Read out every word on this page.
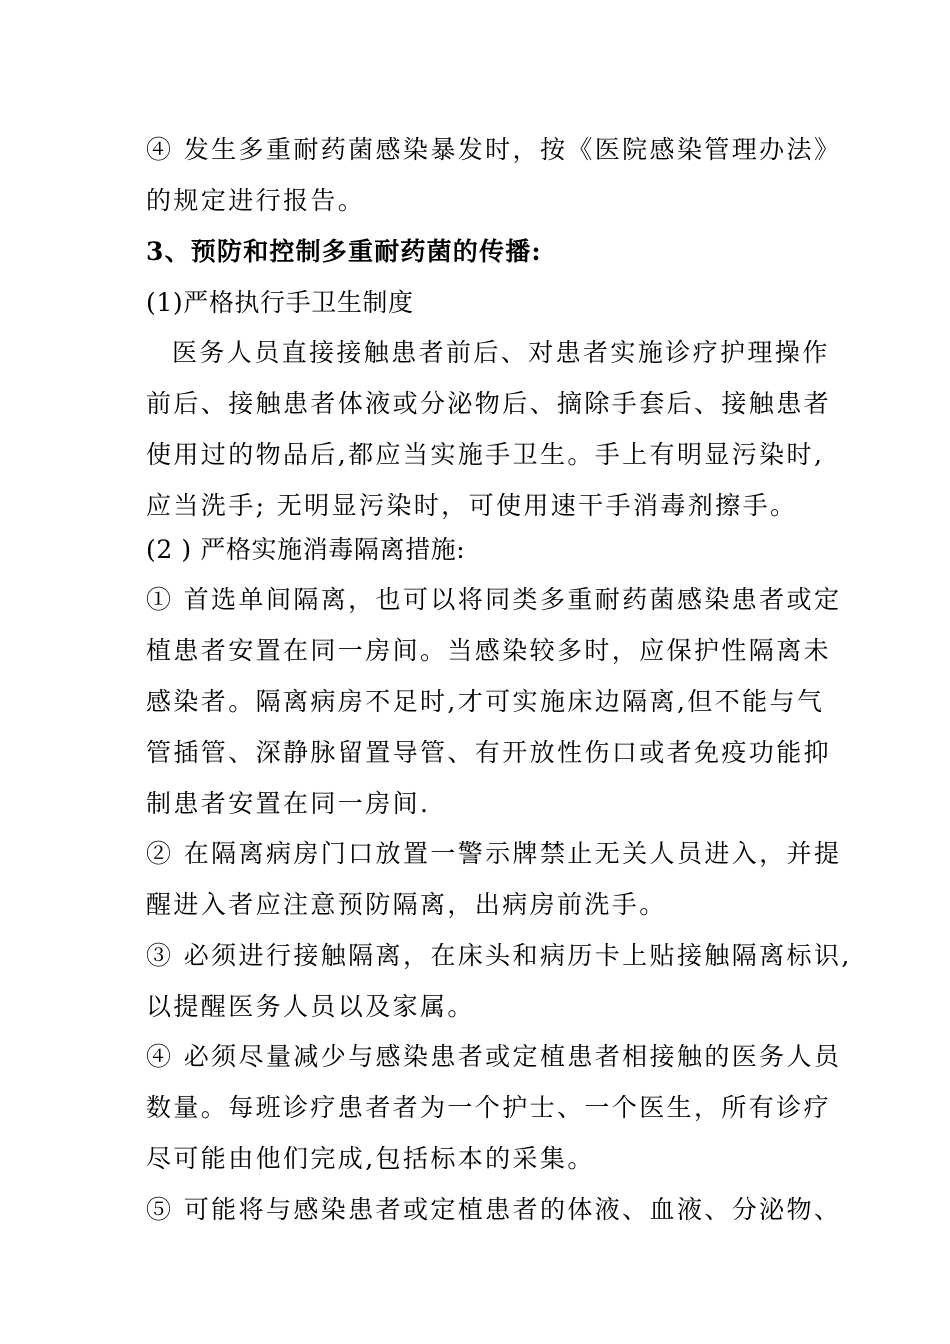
④ 发生多重耐药菌感染暴发时，按《医院感染管理办法》
的规定进行报告。
3、预防和控制多重耐药菌的传播:
(1)严格执行手卫生制度
医务人员直接接触患者前后、对患者实施诊疗护理操作
前后、接触患者体液或分泌物后、摘除手套后、接触患者
使用过的物品后,都应当实施手卫生。手上有明显污染时,
应当洗手; 无明显污染时，可使用速干手消毒剂擦手。
(2 ) 严格实施消毒隔离措施:
① 首选单间隔离，也可以将同类多重耐药菌感染患者或定
植患者安置在同一房间。当感染较多时，应保护性隔离未
感染者。隔离病房不足时,才可实施床边隔离,但不能与气
管插管、深静脉留置导管、有开放性伤口或者免疫功能抑
制患者安置在同一房间.
② 在隔离病房门口放置一警示牌禁止无关人员进入，并提
醒进入者应注意预防隔离，出病房前洗手。
③ 必须进行接触隔离，在床头和病历卡上贴接触隔离标识,
以提醒医务人员以及家属。
④ 必须尽量减少与感染患者或定植患者相接触的医务人员
数量。每班诊疗患者者为一个护士、一个医生，所有诊疗
尽可能由他们完成,包括标本的采集。
⑤ 可能将与感染患者或定植患者的体液、血液、分泌物、
